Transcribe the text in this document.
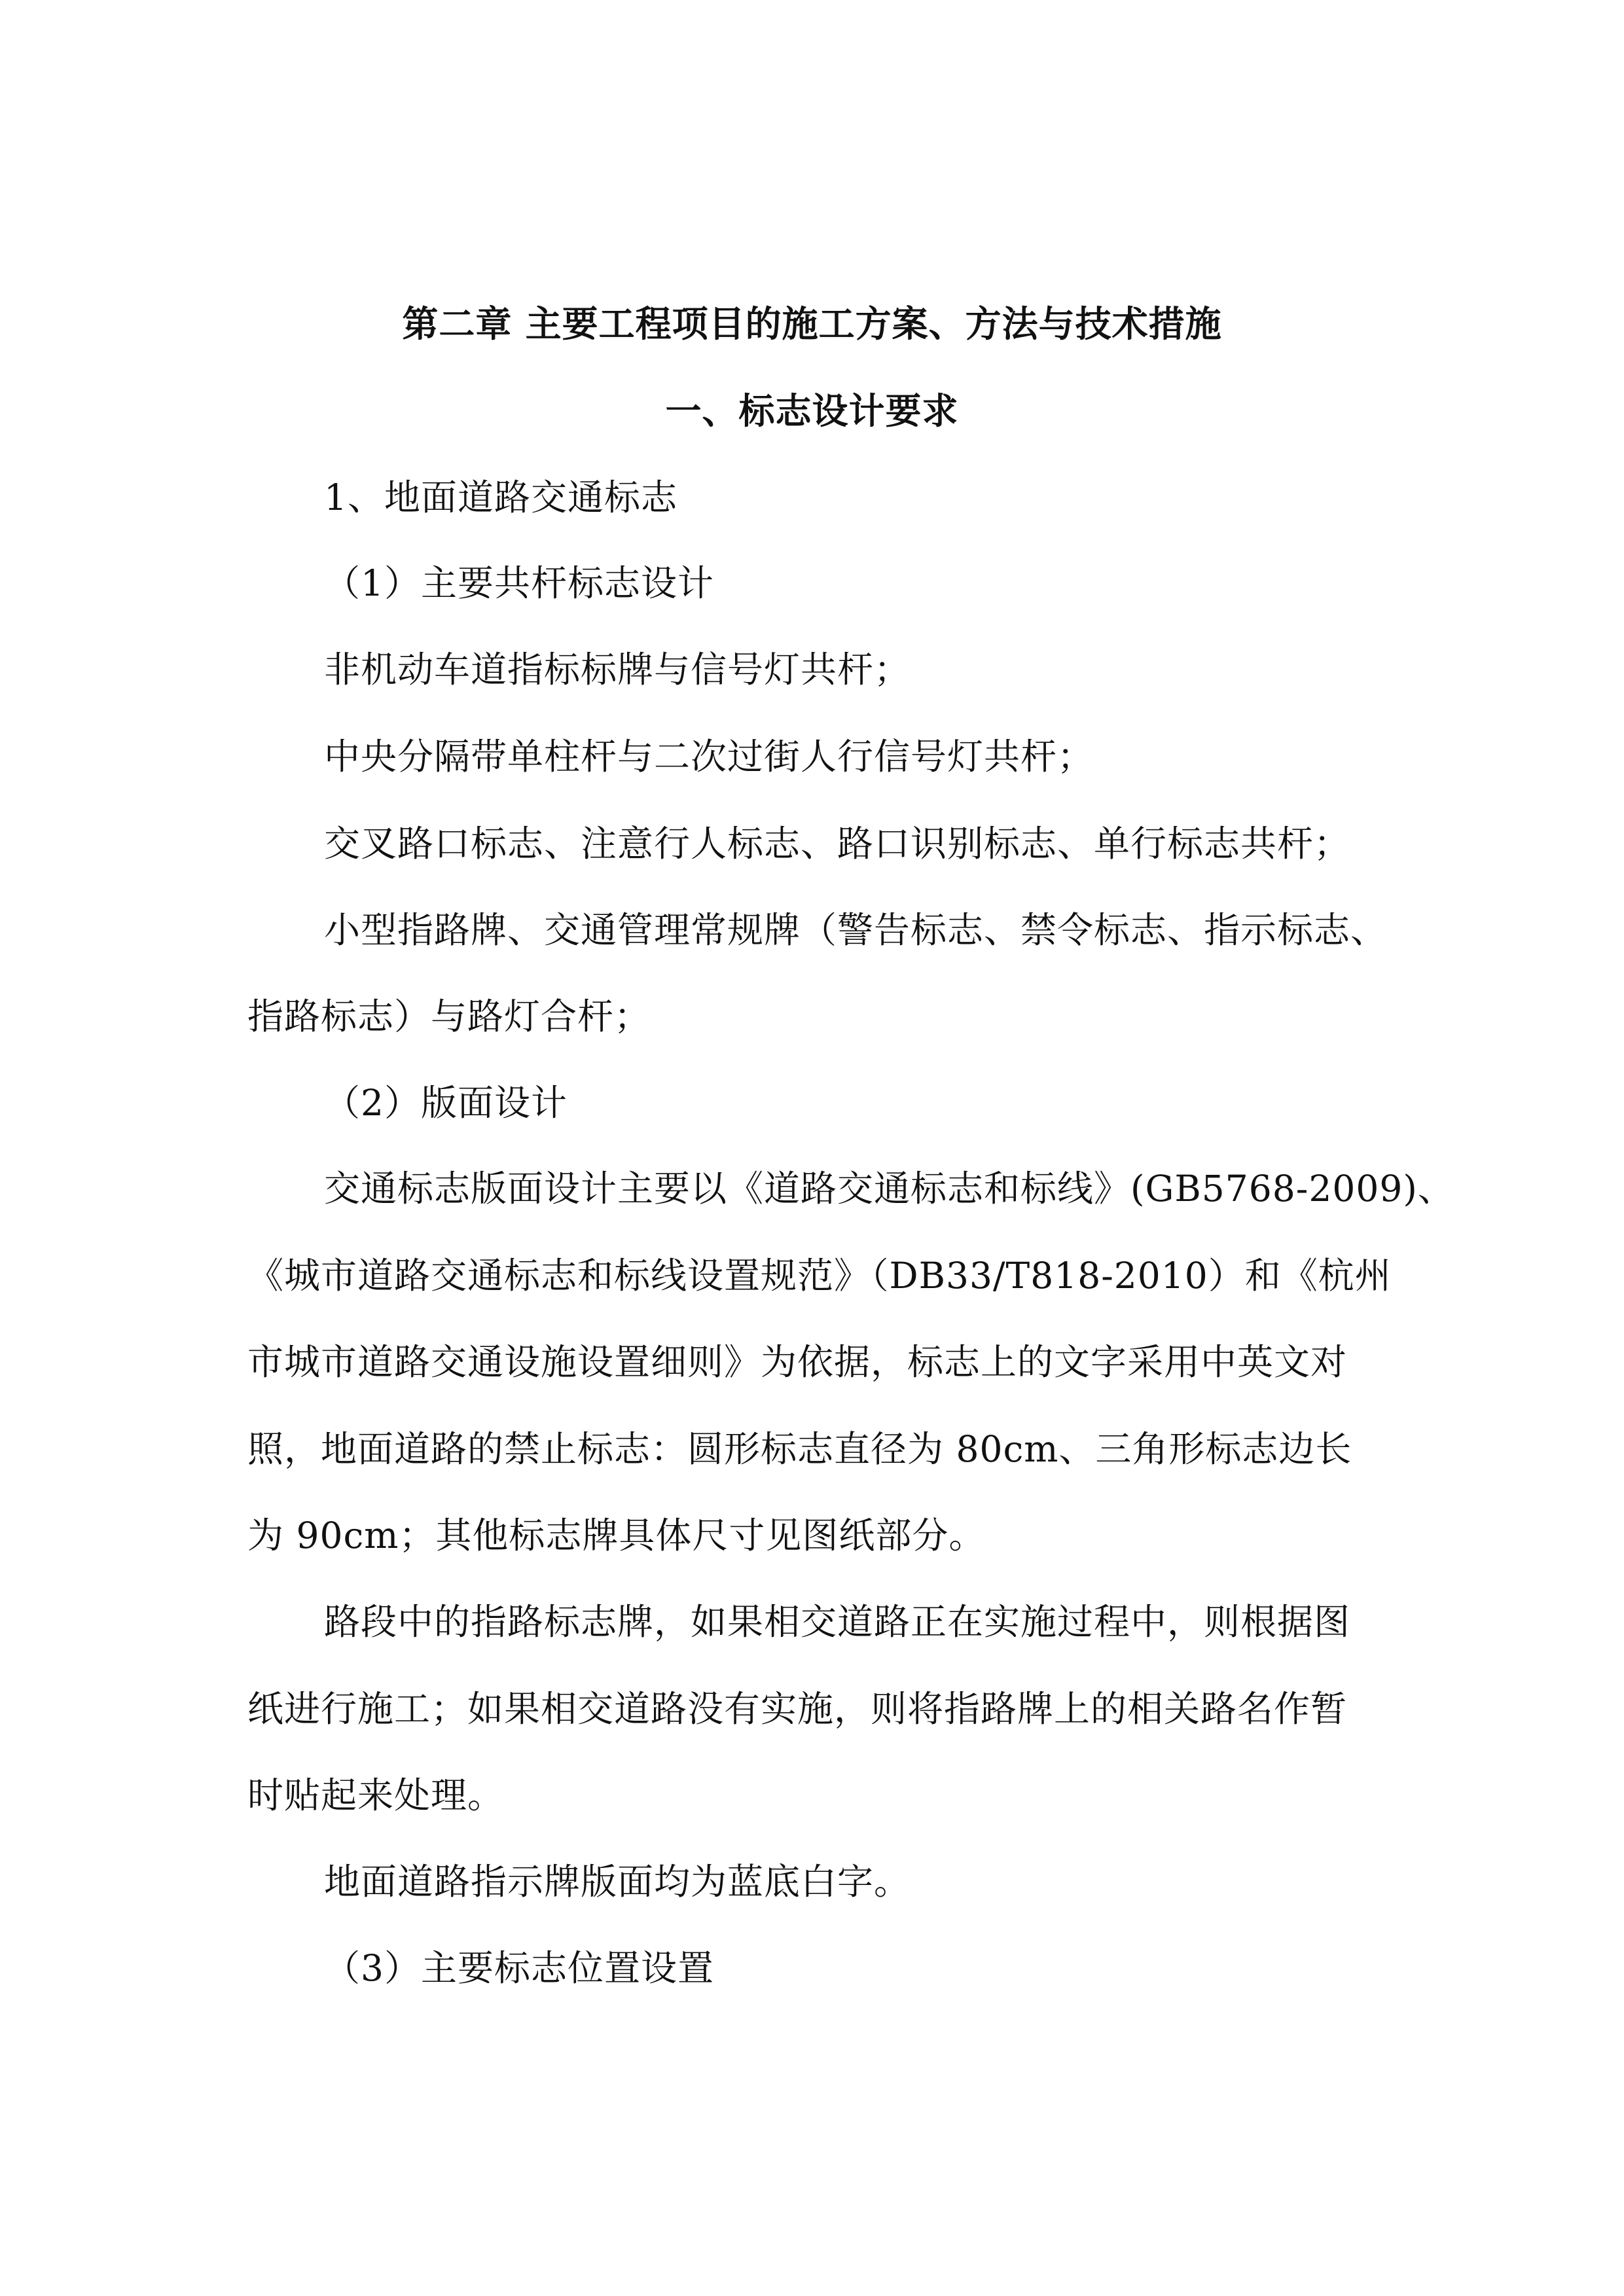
第二章 主要工程项目的施工方案、方法与技术措施
一、标志设计要求
1、地面道路交通标志
（1）主要共杆标志设计
非机动车道指标标牌与信号灯共杆；
中央分隔带单柱杆与二次过街人行信号灯共杆；
交叉路口标志、注意行人标志、路口识别标志、单行标志共杆；
小型指路牌、交通管理常规牌（警告标志、禁令标志、指示标志、
指路标志）与路灯合杆；
（2）版面设计
交通标志版面设计主要以《道路交通标志和标线》(GB5768-2009)、
《城市道路交通标志和标线设置规范》（DB33/T818-2010）和《杭州
市城市道路交通设施设置细则》为依据，标志上的文字采用中英文对
照，地面道路的禁止标志：圆形标志直径为 80cm、三角形标志边长
为 90cm；其他标志牌具体尺寸见图纸部分。
路段中的指路标志牌，如果相交道路正在实施过程中，则根据图
纸进行施工；如果相交道路没有实施，则将指路牌上的相关路名作暂
时贴起来处理。
地面道路指示牌版面均为蓝底白字。
（3）主要标志位置设置
